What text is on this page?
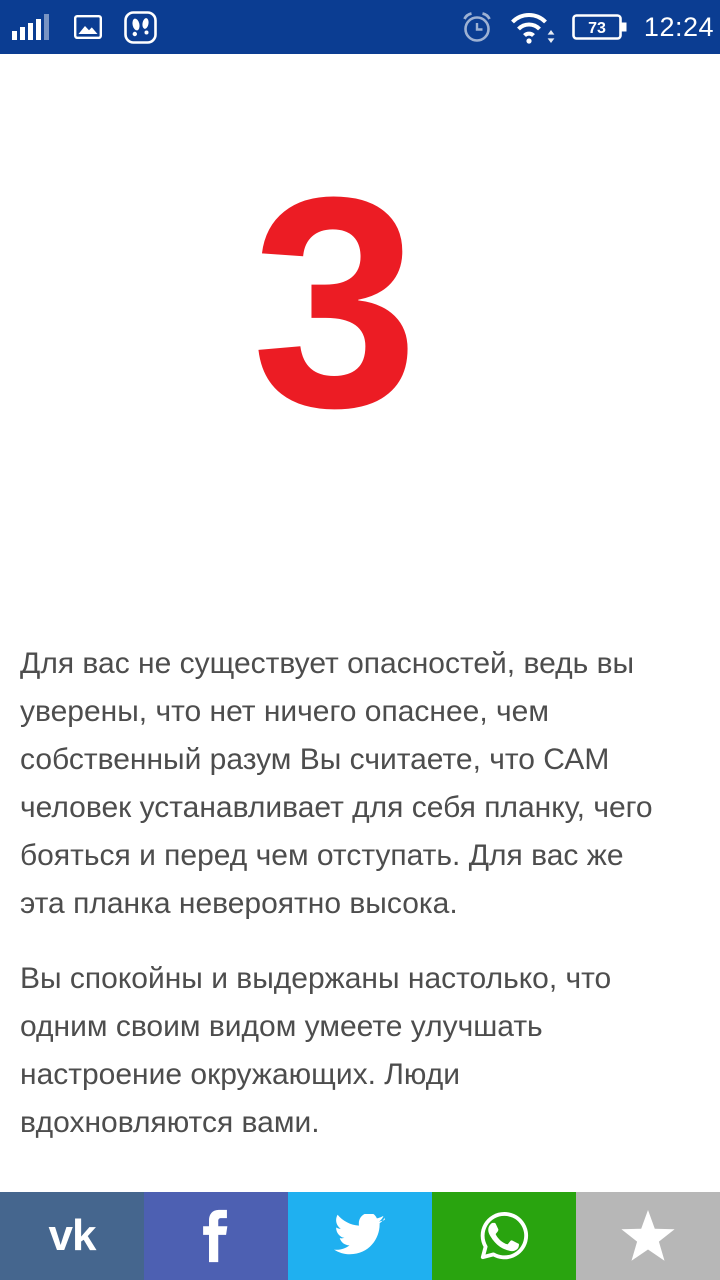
73 12:24
3
Для вас не существует опасностей, ведь вы
уверены, что нет ничего опаснее, чем
собственный разум Вы считаете, что САМ
человек устанавливает для себя планку, чего
бояться и перед чем отступать. Для вас же
эта планка невероятно высока.
Вы спокойны и выдержаны настолько, что
одним своим видом умеете улучшать
настроение окружающих. Люди
вдохновляются вами.
vk
